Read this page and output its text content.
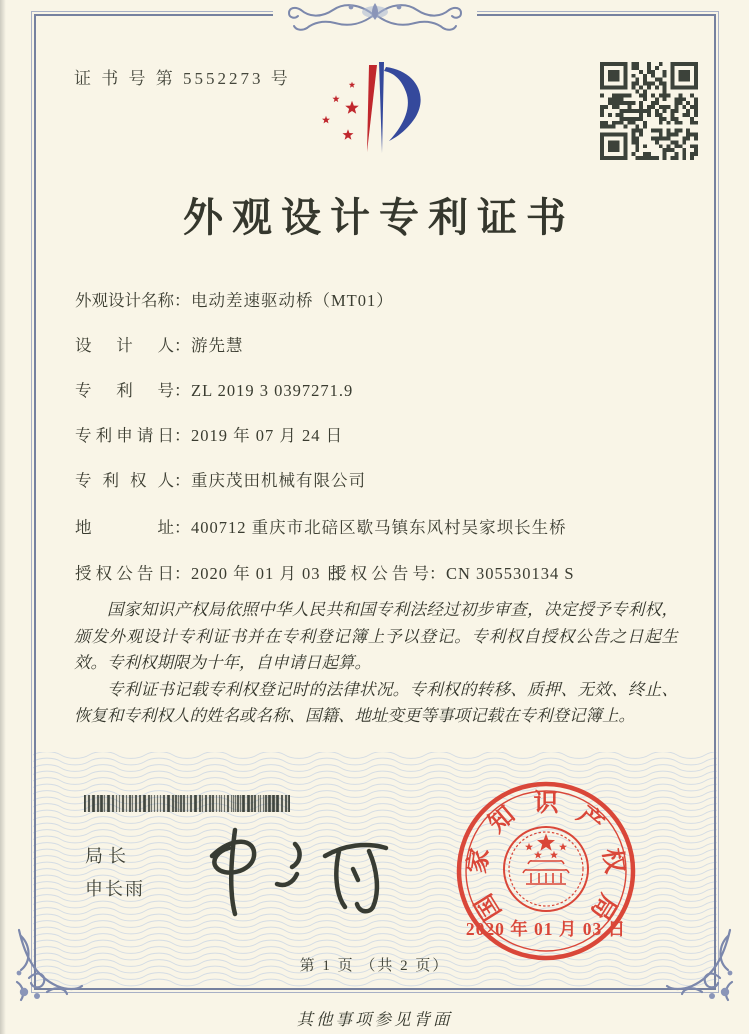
证 书 号 第 5552273 号
外观设计专利证书
外观设计名称：电动差速驱动桥（MT01）
设计人：游先慧
专利号：ZL 2019 3 0397271.9
专利申请日：2019 年 07 月 24 日
专利权人：重庆茂田机械有限公司
地址：400712 重庆市北碚区歇马镇东风村吴家坝长生桥
授权公告日：2020 年 01 月 03 日
授权公告号：CN 305530134 S

国家知识产权局依照中华人民共和国专利法经过初步审查，决定授予专利权，颁发外观设计专利证书并在专利登记簿上予以登记。专利权自授权公告之日起生效。专利权期限为十年，自申请日起算。

专利证书记载专利权登记时的法律状况。专利权的转移、质押、无效、终止、恢复和专利权人的姓名或名称、国籍、地址变更等事项记载在专利登记簿上。

局长
申长雨
国
家
知 识 产
权
局
2020 年 01 月 03 日
第 1 页 （共 2 页）
其他事项参见背面
